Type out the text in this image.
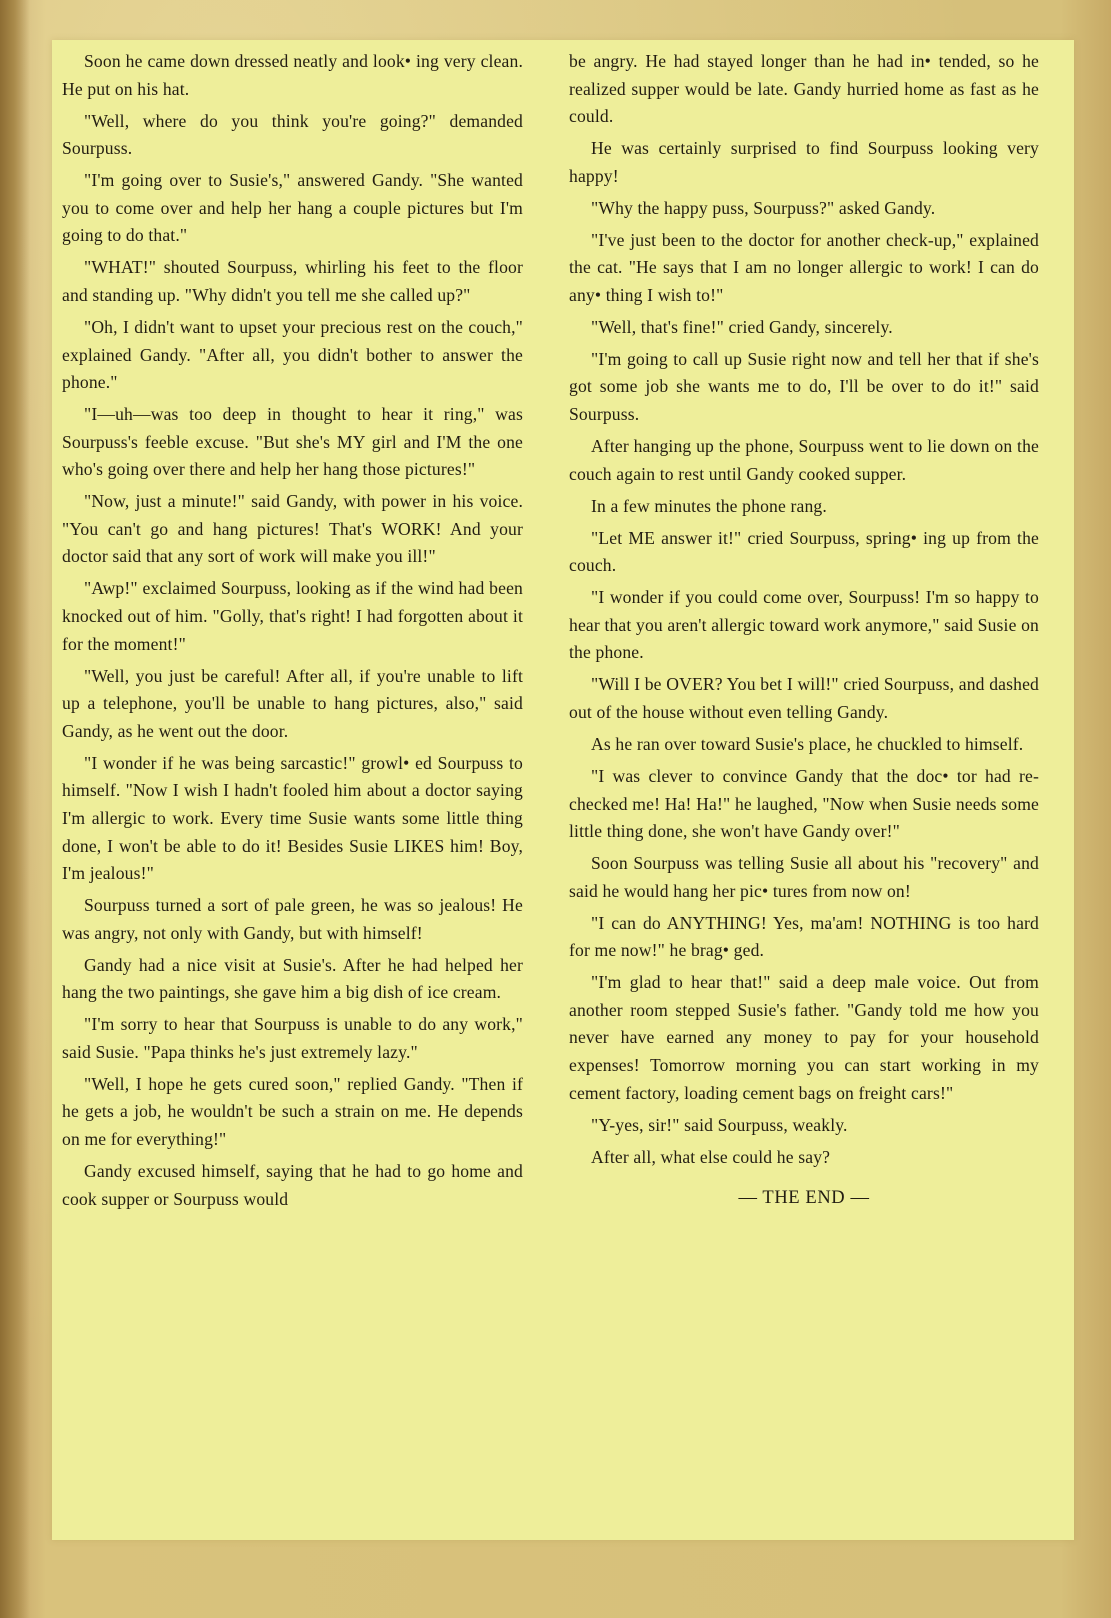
Soon he came down dressed neatly and look• ing very clean. He put on his hat.

"Well, where do you think you're going?" demanded Sourpuss.

"I'm going over to Susie's," answered Gandy. "She wanted you to come over and help her hang a couple pictures but I'm going to do that."

"WHAT!" shouted Sourpuss, whirling his feet to the floor and standing up. "Why didn't you tell me she called up?"

"Oh, I didn't want to upset your precious rest on the couch," explained Gandy. "After all, you didn't bother to answer the phone."

"I—uh—was too deep in thought to hear it ring," was Sourpuss's feeble excuse. "But she's MY girl and I'M the one who's going over there and help her hang those pictures!"

"Now, just a minute!" said Gandy, with power in his voice. "You can't go and hang pictures! That's WORK! And your doctor said that any sort of work will make you ill!"

"Awp!" exclaimed Sourpuss, looking as if the wind had been knocked out of him. "Golly, that's right! I had forgotten about it for the moment!"

"Well, you just be careful! After all, if you're unable to lift up a telephone, you'll be unable to hang pictures, also," said Gandy, as he went out the door.

"I wonder if he was being sarcastic!" growl• ed Sourpuss to himself. "Now I wish I hadn't fooled him about a doctor saying I'm allergic to work. Every time Susie wants some little thing done, I won't be able to do it! Besides Susie LIKES him! Boy, I'm jealous!"

Sourpuss turned a sort of pale green, he was so jealous! He was angry, not only with Gandy, but with himself!

Gandy had a nice visit at Susie's. After he had helped her hang the two paintings, she gave him a big dish of ice cream.

"I'm sorry to hear that Sourpuss is unable to do any work," said Susie. "Papa thinks he's just extremely lazy."

"Well, I hope he gets cured soon," replied Gandy. "Then if he gets a job, he wouldn't be such a strain on me. He depends on me for everything!"

Gandy excused himself, saying that he had to go home and cook supper or Sourpuss would

be angry. He had stayed longer than he had in• tended, so he realized supper would be late. Gandy hurried home as fast as he could.

He was certainly surprised to find Sourpuss looking very happy!

"Why the happy puss, Sourpuss?" asked Gandy.

"I've just been to the doctor for another check-up," explained the cat. "He says that I am no longer allergic to work! I can do any• thing I wish to!"

"Well, that's fine!" cried Gandy, sincerely.

"I'm going to call up Susie right now and tell her that if she's got some job she wants me to do, I'll be over to do it!" said Sourpuss.

After hanging up the phone, Sourpuss went to lie down on the couch again to rest until Gandy cooked supper.

In a few minutes the phone rang.

"Let ME answer it!" cried Sourpuss, spring• ing up from the couch.

"I wonder if you could come over, Sourpuss! I'm so happy to hear that you aren't allergic toward work anymore," said Susie on the phone.

"Will I be OVER? You bet I will!" cried Sourpuss, and dashed out of the house without even telling Gandy.

As he ran over toward Susie's place, he chuckled to himself.

"I was clever to convince Gandy that the doc• tor had re-checked me! Ha! Ha!" he laughed, "Now when Susie needs some little thing done, she won't have Gandy over!"

Soon Sourpuss was telling Susie all about his "recovery" and said he would hang her pic• tures from now on!

"I can do ANYTHING! Yes, ma'am! NOTHING is too hard for me now!" he brag• ged.

"I'm glad to hear that!" said a deep male voice. Out from another room stepped Susie's father. "Gandy told me how you never have earned any money to pay for your household expenses! Tomorrow morning you can start working in my cement factory, loading cement bags on freight cars!"

"Y-yes, sir!" said Sourpuss, weakly.

After all, what else could he say?

— THE END —
